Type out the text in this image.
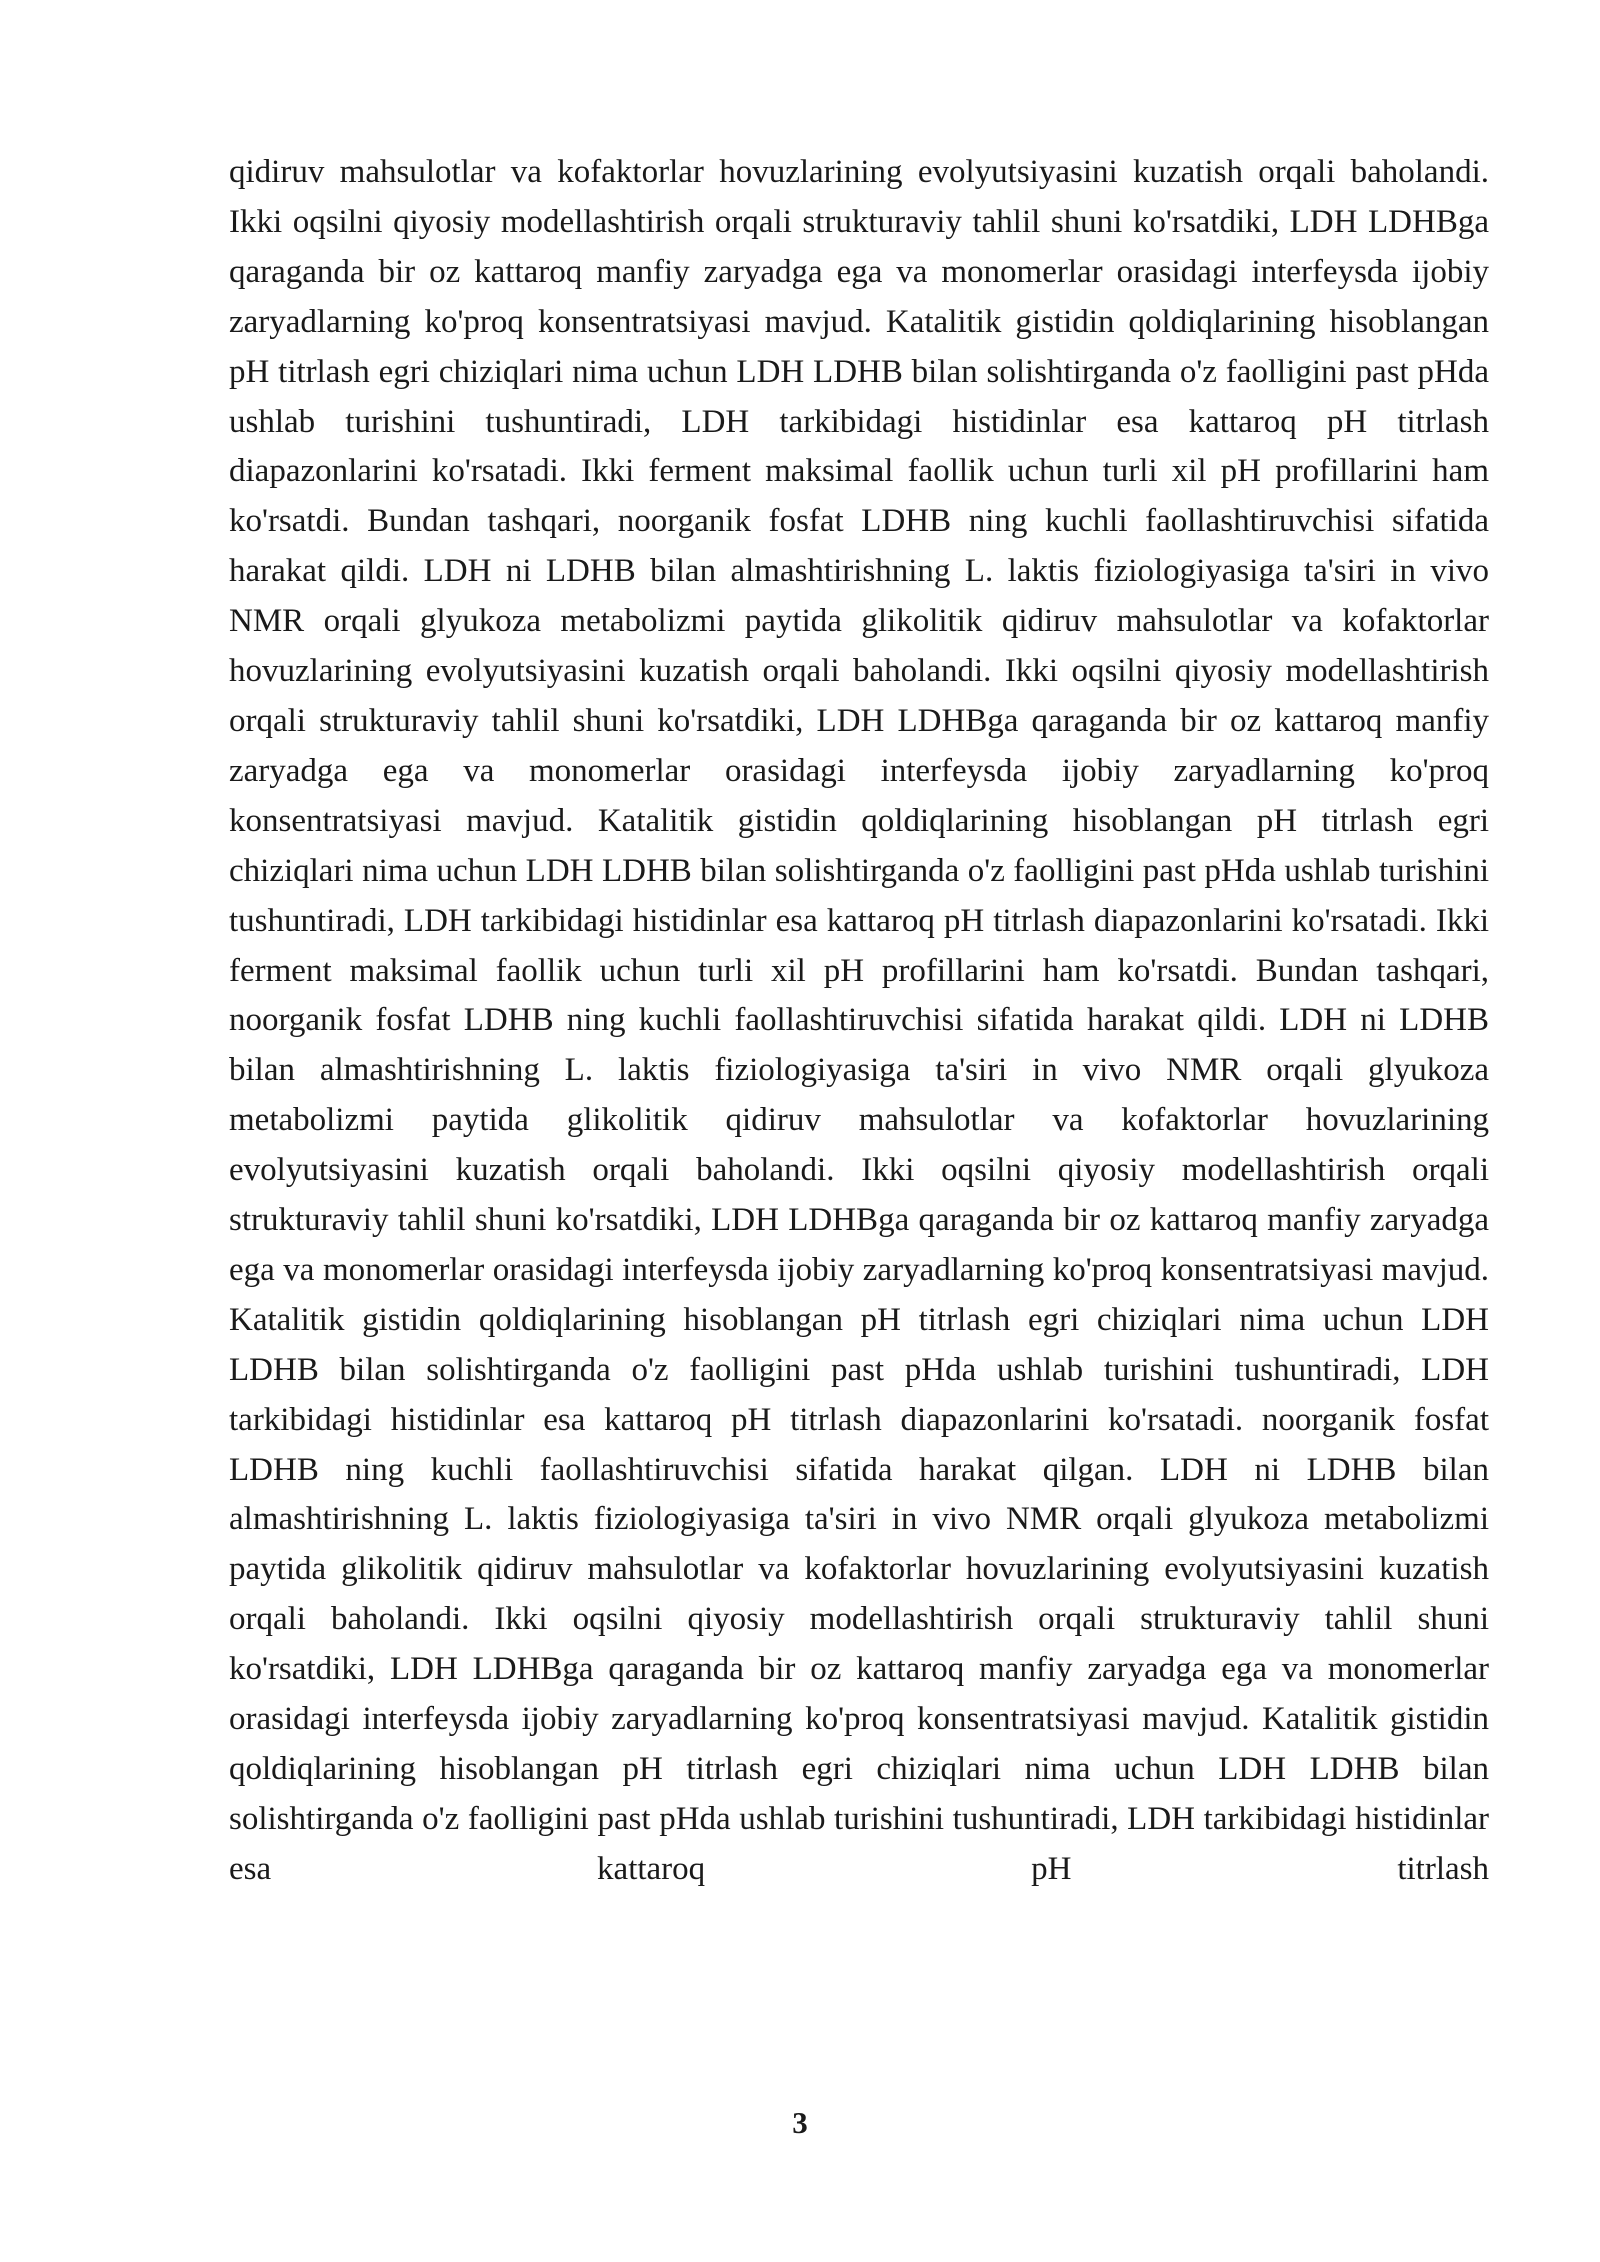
qidiruv mahsulotlar va kofaktorlar hovuzlarining evolyutsiyasini kuzatish orqali baholandi. Ikki oqsilni qiyosiy modellashtirish orqali strukturaviy tahlil shuni ko'rsatdiki, LDH LDHBga qaraganda bir oz kattaroq manfiy zaryadga ega va monomerlar orasidagi interfeysda ijobiy zaryadlarning ko'proq konsentratsiyasi mavjud. Katalitik gistidin qoldiqlarining hisoblangan pH titrlash egri chiziqlari nima uchun LDH LDHB bilan solishtirganda o'z faolligini past pHda ushlab turishini tushuntiradi, LDH tarkibidagi histidinlar esa kattaroq pH titrlash diapazonlarini ko'rsatadi. Ikki ferment maksimal faollik uchun turli xil pH profillarini ham ko'rsatdi. Bundan tashqari, noorganik fosfat LDHB ning kuchli faollashtiruvchisi sifatida harakat qildi. LDH ni LDHB bilan almashtirishning L. laktis fiziologiyasiga ta'siri in vivo NMR orqali glyukoza metabolizmi paytida glikolitik qidiruv mahsulotlar va kofaktorlar hovuzlarining evolyutsiyasini kuzatish orqali baholandi. Ikki oqsilni qiyosiy modellashtirish orqali strukturaviy tahlil shuni ko'rsatdiki, LDH LDHBga qaraganda bir oz kattaroq manfiy zaryadga ega va monomerlar orasidagi interfeysda ijobiy zaryadlarning ko'proq konsentratsiyasi mavjud. Katalitik gistidin qoldiqlarining hisoblangan pH titrlash egri chiziqlari nima uchun LDH LDHB bilan solishtirganda o'z faolligini past pHda ushlab turishini tushuntiradi, LDH tarkibidagi histidinlar esa kattaroq pH titrlash diapazonlarini ko'rsatadi. Ikki ferment maksimal faollik uchun turli xil pH profillarini ham ko'rsatdi. Bundan tashqari, noorganik fosfat LDHB ning kuchli faollashtiruvchisi sifatida harakat qildi. LDH ni LDHB bilan almashtirishning L. laktis fiziologiyasiga ta'siri in vivo NMR orqali glyukoza metabolizmi paytida glikolitik qidiruv mahsulotlar va kofaktorlar hovuzlarining evolyutsiyasini kuzatish orqali baholandi. Ikki oqsilni qiyosiy modellashtirish orqali strukturaviy tahlil shuni ko'rsatdiki, LDH LDHBga qaraganda bir oz kattaroq manfiy zaryadga ega va monomerlar orasidagi interfeysda ijobiy zaryadlarning ko'proq konsentratsiyasi mavjud. Katalitik gistidin qoldiqlarining hisoblangan pH titrlash egri chiziqlari nima uchun LDH LDHB bilan solishtirganda o'z faolligini past pHda ushlab turishini tushuntiradi, LDH tarkibidagi histidinlar esa kattaroq pH titrlash diapazonlarini ko'rsatadi. noorganik fosfat LDHB ning kuchli faollashtiruvchisi sifatida harakat qilgan. LDH ni LDHB bilan almashtirishning L. laktis fiziologiyasiga ta'siri in vivo NMR orqali glyukoza metabolizmi paytida glikolitik qidiruv mahsulotlar va kofaktorlar hovuzlarining evolyutsiyasini kuzatish orqali baholandi. Ikki oqsilni qiyosiy modellashtirish orqali strukturaviy tahlil shuni ko'rsatdiki, LDH LDHBga qaraganda bir oz kattaroq manfiy zaryadga ega va monomerlar orasidagi interfeysda ijobiy zaryadlarning ko'proq konsentratsiyasi mavjud. Katalitik gistidin qoldiqlarining hisoblangan pH titrlash egri chiziqlari nima uchun LDH LDHB bilan solishtirganda o'z faolligini past pHda ushlab turishini tushuntiradi, LDH tarkibidagi histidinlar esa kattaroq pH titrlash

3
